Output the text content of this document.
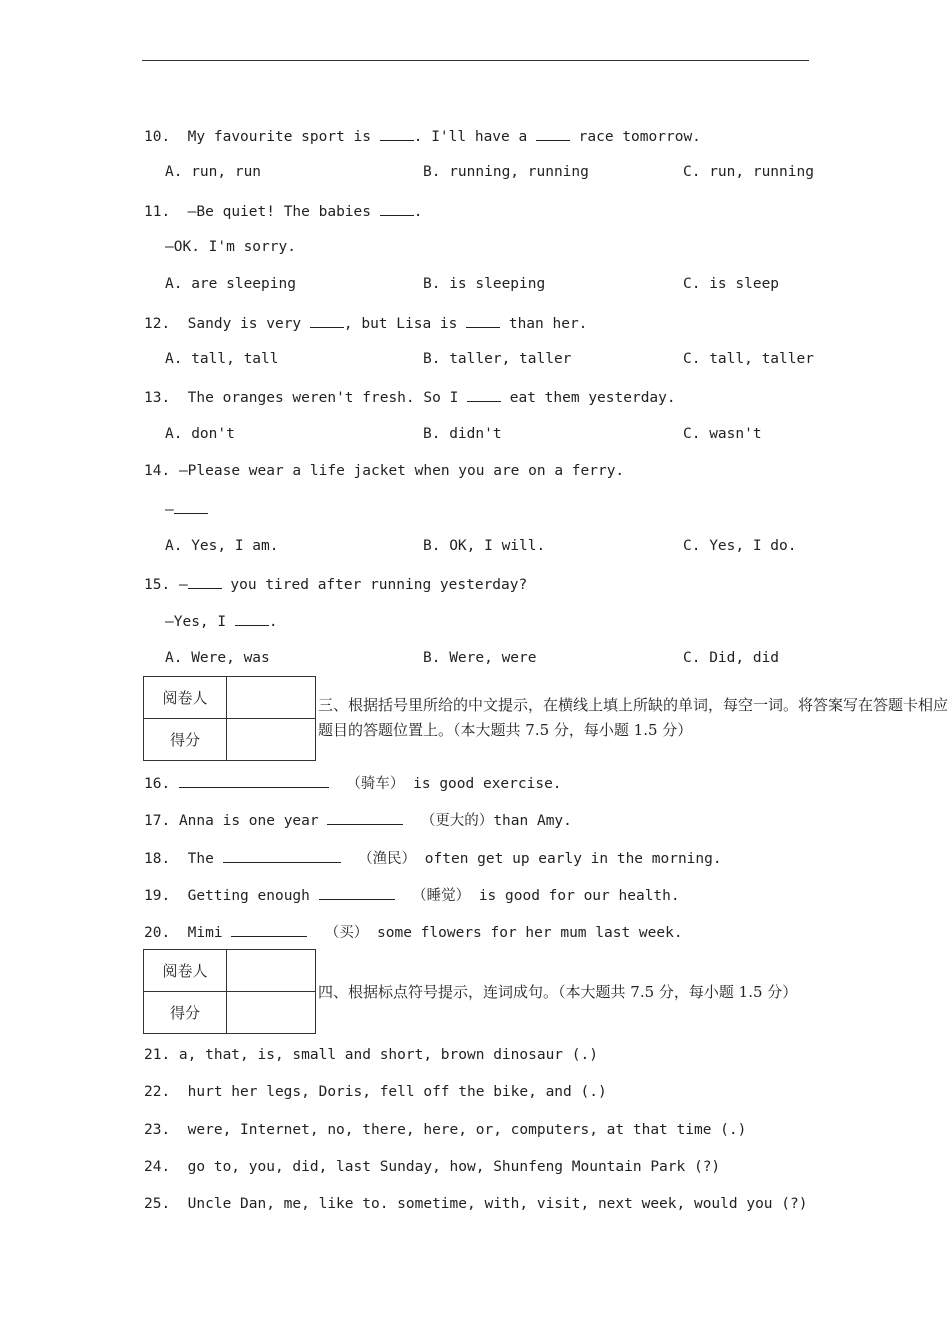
10. My favourite sport is . I'll have a  race tomorrow.
A. run, run	B. running, running	C. run, running
11. —Be quiet! The babies .
—OK. I'm sorry.
A. are sleeping	B. is sleeping	C. is sleep
12. Sandy is very , but Lisa is  than her.
A. tall, tall	B. taller, taller	C. tall, taller
13. The oranges weren't fresh. So I  eat them yesterday.
A. don't	B. didn't	C. wasn't
14. —Please wear a life jacket when you are on a ferry.
—
A. Yes, I am.	B. OK, I will.	C. Yes, I do.
15. — you tired after running yesterday?
—Yes, I .
A. Were, was	B. Were, were	C. Did, did
阅卷人	
得分	
三、根据括号里所给的中文提示，在横线上填上所缺的单词，每空一词。将答案写在答题卡相应题目的答题位置上。（本大题共 7.5 分，每小题 1.5 分）
16.	（骑车） is good exercise.
17. Anna is one year	（更大的）than Amy.
18. The	（渔民） often get up early in the morning.
19. Getting enough	（睡觉） is good for our health.
20. Mimi	（买） some flowers for her mum last week.
阅卷人	
得分	
四、根据标点符号提示，连词成句。（本大题共 7.5 分，每小题 1.5 分）
21. a, that, is, small and short, brown dinosaur (.)
22.  hurt her legs, Doris, fell off the bike, and (.)
23.  were, Internet, no, there, here, or, computers, at that time (.)
24.  go to, you, did, last Sunday, how, Shunfeng Mountain Park (?)
25.  Uncle Dan, me, like to. sometime, with, visit, next week, would you (?)
